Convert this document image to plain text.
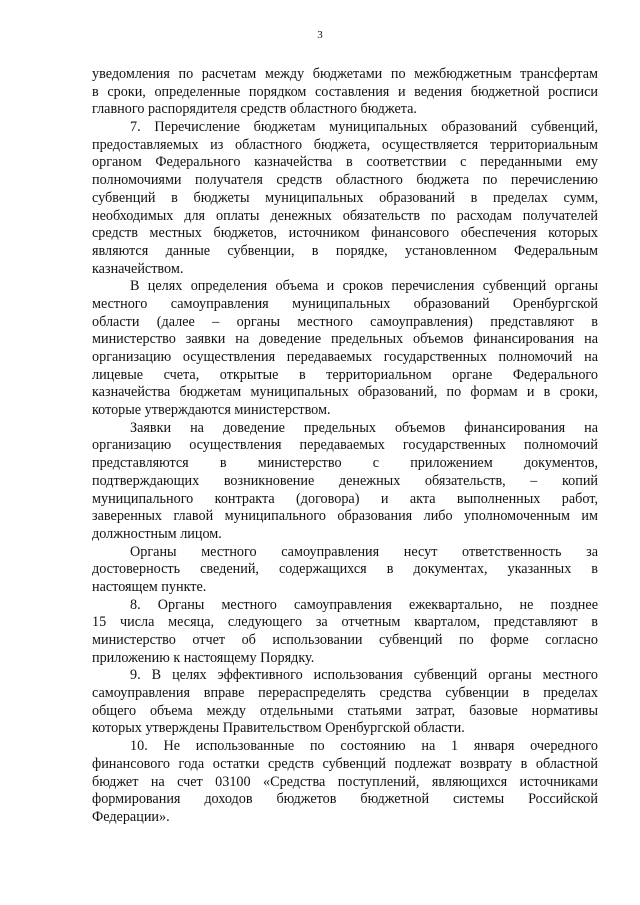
3
уведомления по расчетам между бюджетами по межбюджетным трансфертам
в сроки, определенные порядком составления и ведения бюджетной росписи
главного распорядителя средств областного бюджета.
7. Перечисление бюджетам муниципальных образований субвенций,
предоставляемых из областного бюджета, осуществляется территориальным
органом Федерального казначейства в соответствии с переданными ему
полномочиями получателя средств областного бюджета по перечислению
субвенций в бюджеты муниципальных образований в пределах сумм,
необходимых для оплаты денежных обязательств по расходам получателей
средств местных бюджетов, источником финансового обеспечения которых
являются данные субвенции, в порядке, установленном Федеральным
казначейством.
В целях определения объема и сроков перечисления субвенций органы
местного самоуправления муниципальных образований Оренбургской
области (далее – органы местного самоуправления) представляют в
министерство заявки на доведение предельных объемов финансирования на
организацию осуществления передаваемых государственных полномочий на
лицевые счета, открытые в территориальном органе Федерального
казначейства бюджетам муниципальных образований, по формам и в сроки,
которые утверждаются министерством.
Заявки на доведение предельных объемов финансирования на
организацию осуществления передаваемых государственных полномочий
представляются в министерство с приложением документов,
подтверждающих возникновение денежных обязательств, – копий
муниципального контракта (договора) и акта выполненных работ,
заверенных главой муниципального образования либо уполномоченным им
должностным лицом.
Органы местного самоуправления несут ответственность за
достоверность сведений, содержащихся в документах, указанных в
настоящем пункте.
8. Органы местного самоуправления ежеквартально, не позднее
15 числа месяца, следующего за отчетным кварталом, представляют в
министерство отчет об использовании субвенций по форме согласно
приложению к настоящему Порядку.
9. В целях эффективного использования субвенций органы местного
самоуправления вправе перераспределять средства субвенции в пределах
общего объема между отдельными статьями затрат, базовые нормативы
которых утверждены Правительством Оренбургской области.
10. Не использованные по состоянию на 1 января очередного
финансового года остатки средств субвенций подлежат возврату в областной
бюджет на счет 03100 «Средства поступлений, являющихся источниками
формирования доходов бюджетов бюджетной системы Российской
Федерации».
